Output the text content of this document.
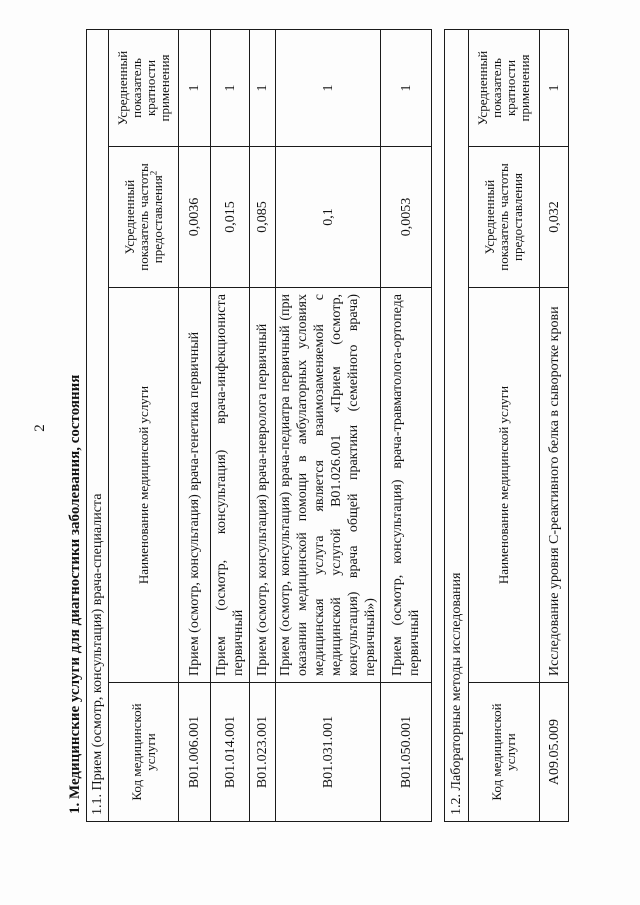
2 1. Медицинские услуги для диагностики заболевания, состояния 1.1. Прием (осмотр, консультация) врача-специалиста			
Код медицинской услуги	Наименование медицинской услуги	Усредненный показатель частоты предоставления$^2$	Усредненный показатель кратности применения
B01.006.001	Прием (осмотр, консультация) врача-генетика первичный	0,0036	1
B01.014.001	Прием (осмотр, консультация) врача-инфекциониста первичный	0,015	1
B01.023.001	Прием (осмотр, консультация) врача-невролога первичный	0,085	1
B01.031.001	Прием (осмотр, консультация) врача-педиатра первичный (при оказании медицинской помощи в амбулаторных условиях медицинская услуга является взаимозаменяемой с медицинской услугой B01.026.001 «Прием (осмотр, консультация) врача общей практики (семейного врача) первичный»)	0,1	1
B01.050.001	Прием (осмотр, консультация) врача-травматолога-ортопеда первичный	0,0053	1
1.2. Лабораторные методы исследования			
Код медицинской услуги	Наименование медицинской услуги	Усредненный показатель частоты предоставления	Усредненный показатель кратности применения
A09.05.009	Исследование уровня С-реактивного белка в сыворотке крови	0,032	1
